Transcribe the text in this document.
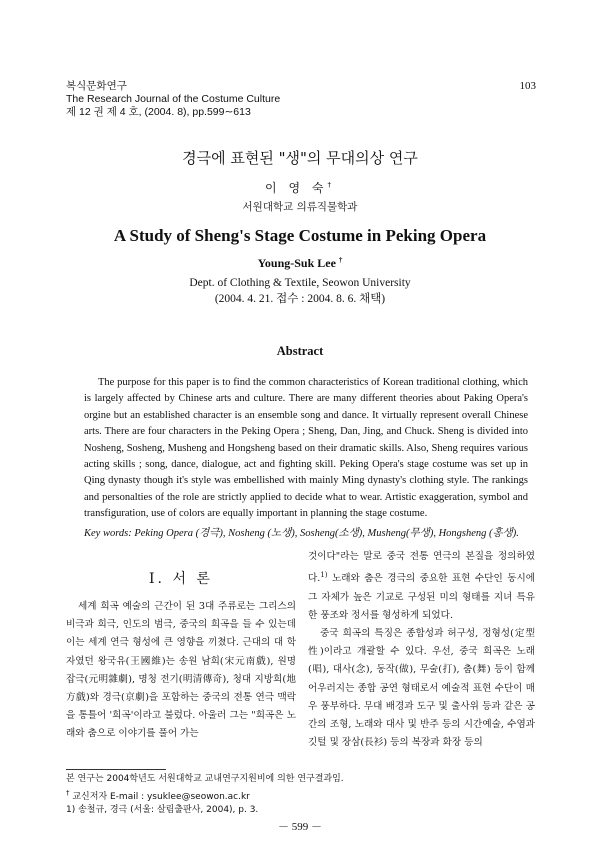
복식문화연구
The Research Journal of the Costume Culture
제 12 권 제 4 호, (2004. 8), pp.599∼613
103
경극에 표현된 "생"의 무대의상 연구
이 영 숙†
서원대학교 의류직물학과
A Study of Sheng's Stage Costume in Peking Opera
Young-Suk Lee †
Dept. of Clothing & Textile, Seowon University
(2004. 4. 21. 접수 : 2004. 8. 6. 채택)
Abstract

The purpose for this paper is to find the common characteristics of Korean traditional clothing, which is largely affected by Chinese arts and culture. There are many different theories about Paking Opera's orgine but an established character is an ensemble song and dance. It virtually represent overall Chinese arts. There are four characters in the Peking Opera ; Sheng, Dan, Jing, and Chuck. Sheng is divided into Nosheng, Sosheng, Musheng and Hongsheng based on their dramatic skills. Also, Sheng requires various acting skills ; song, dance, dialogue, act and fighting skill. Peking Opera's stage costume was set up in Qing dynasty though it's style was embellished with mainly Ming dynasty's clothing style. The rankings and personalties of the role are strictly applied to decide what to wear. Artistic exaggeration, symbol and transfiguration, use of colors are equally important in planning the stage costume.

Key words: Peking Opera (경극), Nosheng (노생), Sosheng(소생), Musheng(무생), Hongsheng (홍생).
Ⅰ. 서 론

세계 희곡 예술의 근간이 된 3대 주류로는 그리스의 비극과 희극, 인도의 범극, 중국의 희곡을 들 수 있는데 이는 세계 연극 형성에 큰 영향을 끼쳤다. 근대의 대 학자였던 왕국유(王國維)는 송원 남희(宋元南戲), 원명 잡극(元明雜劇), 명청 전기(明清傳奇), 청대 지방희(地方戲)와 경극(京劇)을 포함하는 중국의 전통 연극 맥락을 통틀어 '희곡'이라고 불렀다. 아울러 그는 "희곡은 노래와 춤으로 이야기를 풀어 가는

것이다"라는 말로 중국 전통 연극의 본질을 정의하였다.$^{1)}$ 노래와 춤은 경극의 중요한 표현 수단인 동시에 그 자체가 높은 기교로 구성된 미의 형태를 지녀 특유한 풍조와 정서를 형성하게 되었다.

중국 희곡의 특징은 종합성과 허구성, 정형성(定型性)이라고 개괄할 수 있다. 우선, 중국 희곡은 노래(唱), 대사(念), 동작(做), 무술(打), 춤(舞) 등이 함께 어우러지는 종합 공연 형태로서 예술적 표현 수단이 매우 풍부하다. 무대 배경과 도구 및 출사위 등과 같은 공간의 조형, 노래와 대사 및 반주 등의 시간예술, 수염과 깃털 및 장삼(長衫) 등의 복장과 화장 등의

본 연구는 2004학년도 서원대학교 교내연구지원비에 의한 연구결과임.
† 교신저자 E-mail : ysuklee@seowon.ac.kr
1) 송철규, 경극 (서울: 살림출판사, 2004), p. 3.
－ 599 －
